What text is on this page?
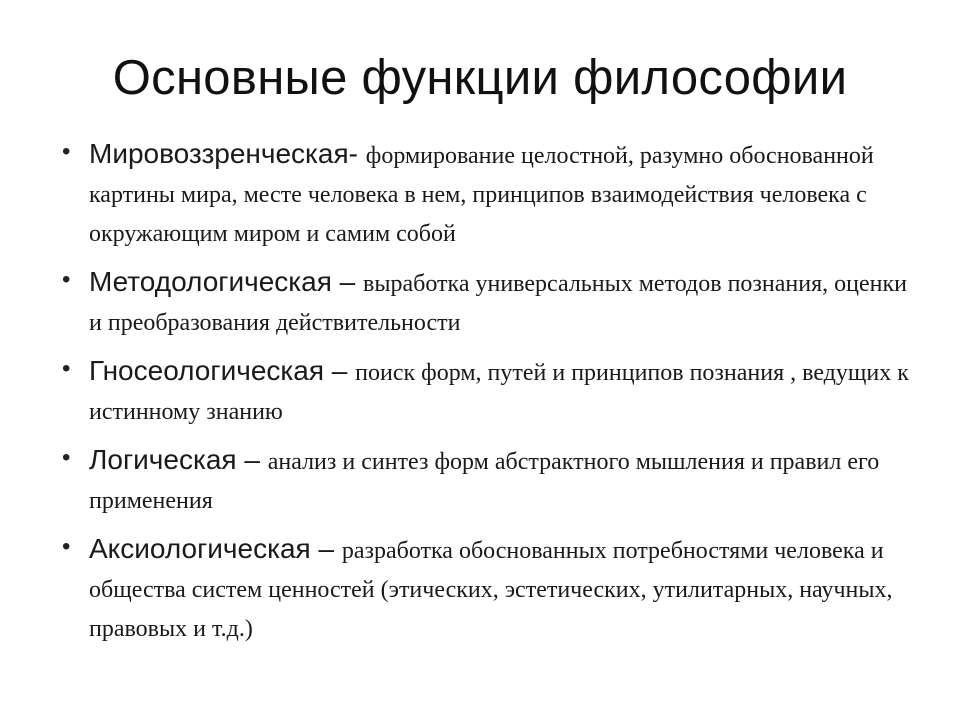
Основные функции философии
• Мировоззренческая- формирование целостной, разумно обоснованной картины мира, месте человека в нем, принципов взаимодействия человека с окружающим миром и самим собой

• Методологическая – выработка универсальных методов познания, оценки и преобразования действительности

• Гносеологическая – поиск форм, путей и принципов познания , ведущих к истинному знанию

• Логическая – анализ и синтез форм абстрактного мышления и правил его применения

• Аксиологическая – разработка обоснованных потребностями человека и общества систем ценностей (этических, эстетических, утилитарных, научных, правовых и т.д.)
